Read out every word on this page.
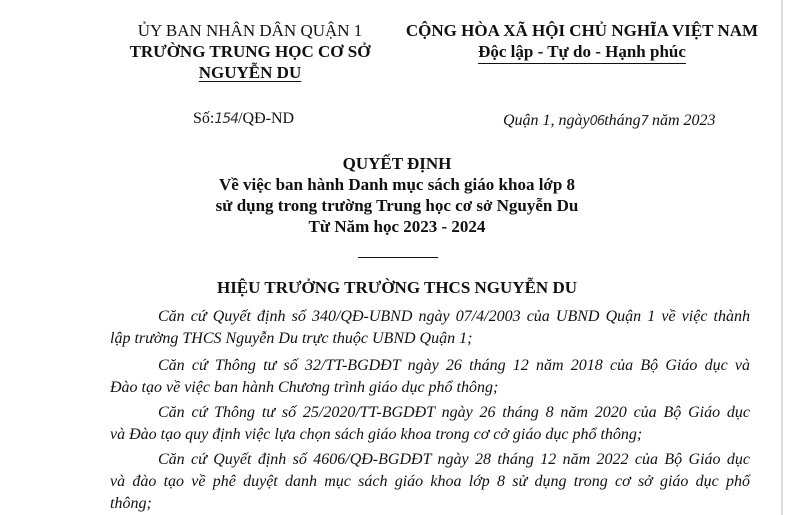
ỦY BAN NHÂN DÂN QUẬN 1
TRƯỜNG TRUNG HỌC CƠ SỞ
NGUYỄN DU
CỘNG HÒA XÃ HỘI CHỦ NGHĨA VIỆT NAM
Độc lập - Tự do - Hạnh phúc
Số:154/QĐ-ND	Quận 1, ngày06tháng7 năm 2023
QUYẾT ĐỊNH
Về việc ban hành Danh mục sách giáo khoa lớp 8
sử dụng trong trường Trung học cơ sở Nguyễn Du
Từ Năm học 2023 - 2024
HIỆU TRƯỞNG TRƯỜNG THCS NGUYỄN DU
Căn cứ Quyết định số 340/QĐ-UBND ngày 07/4/2003 của UBND Quận 1 về việc thành
lập trường THCS Nguyễn Du trực thuộc UBND Quận 1;
Căn cứ Thông tư số 32/TT-BGDĐT ngày 26 tháng 12 năm 2018 của Bộ Giáo dục và
Đào tạo về việc ban hành Chương trình giáo dục phổ thông;
Căn cứ Thông tư số 25/2020/TT-BGDĐT ngày 26 tháng 8 năm 2020 của Bộ Giáo dục
và Đào tạo quy định việc lựa chọn sách giáo khoa trong cơ cở giáo dục phổ thông;
Căn cứ Quyết định số 4606/QĐ-BGDĐT ngày 28 tháng 12 năm 2022 của Bộ Giáo dục
và đào tạo về phê duyệt danh mục sách giáo khoa lớp 8 sử dụng trong cơ sở giáo dục phổ
thông;
